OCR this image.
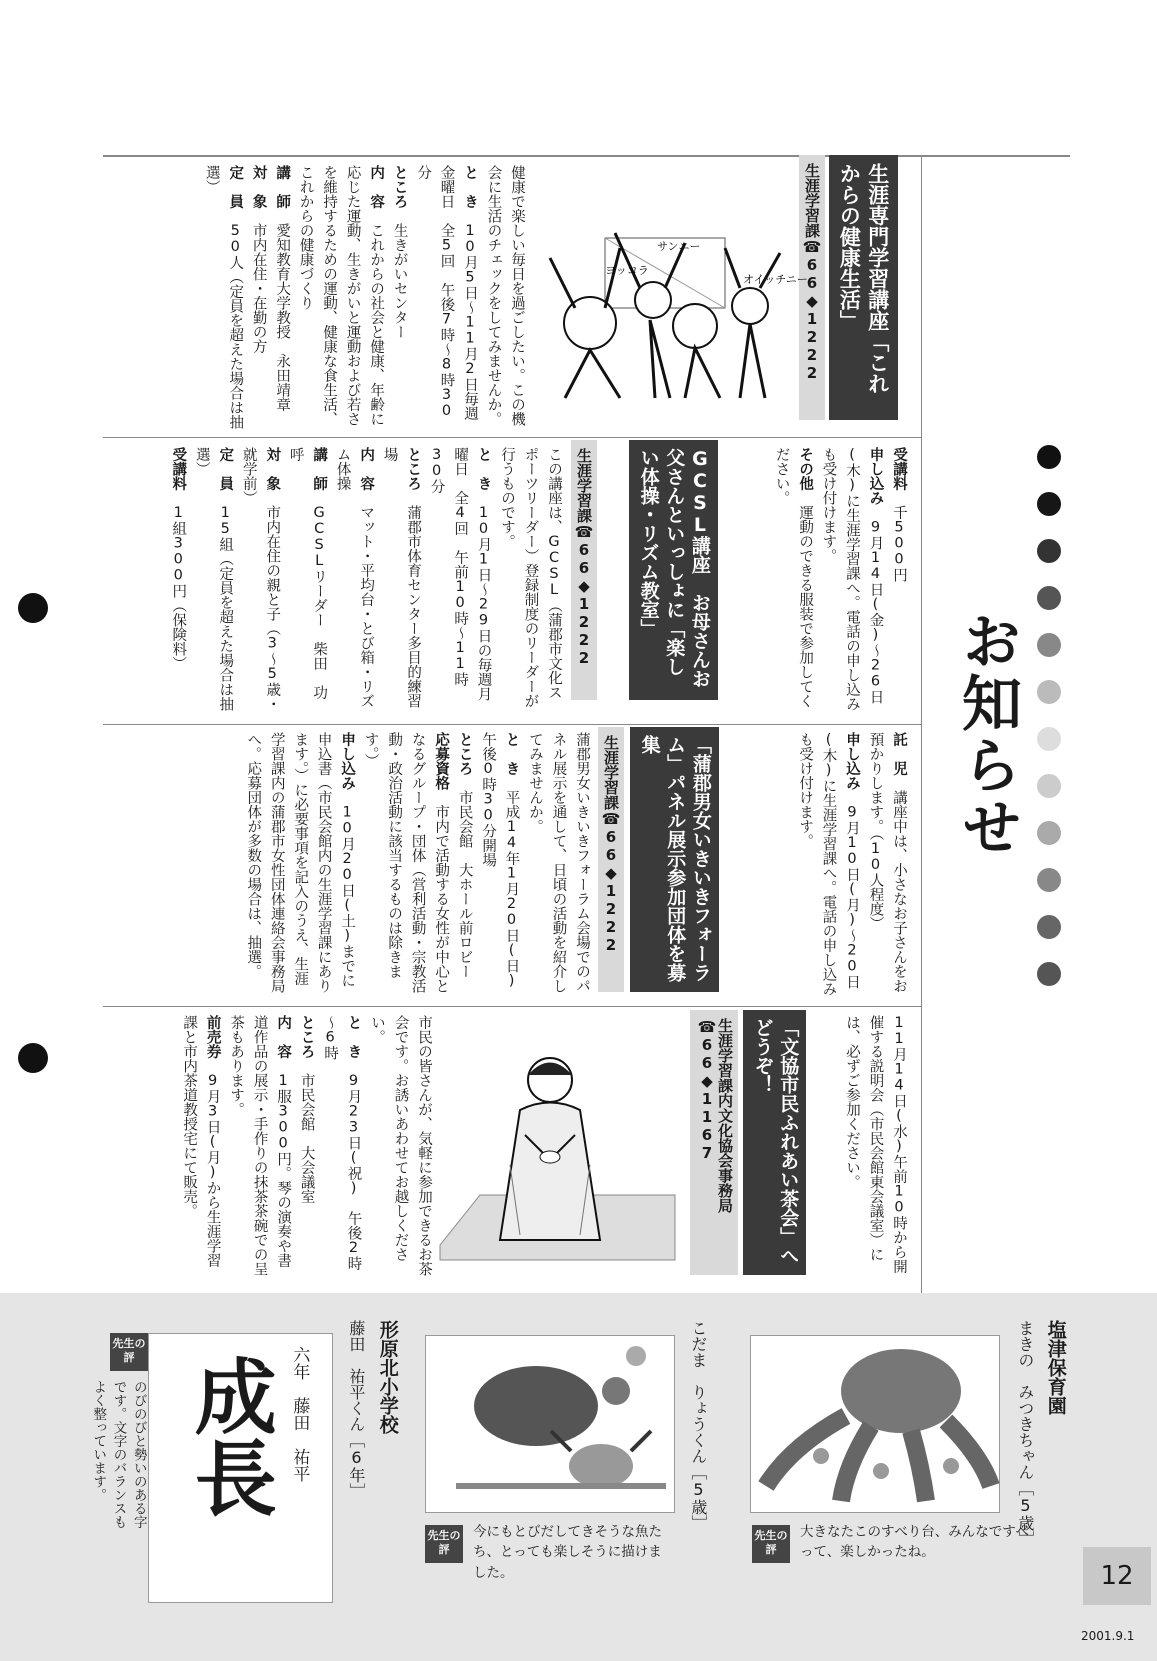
お知らせ
生涯専門学習講座「これからの健康生活」
生涯学習課☎66◆1222
オイッチニー
サンニー
ヨッコラ

健康で楽しい毎日を過ごしたい。この機会に生活のチェックをしてみませんか。

と　き　10月5日～11月2日毎週金曜日　全5回　午後7時～8時30分

ところ　生きがいセンター

内　容　これからの社会と健康、年齢に応じた運動、生きがいと運動および若さを維持するための運動、健康な食生活、これからの健康づくり

講　師　愛知教育大学教授　永田靖章

対　象　市内在住・在勤の方

定　員　50人（定員を超えた場合は抽選）

受講料　千500円

申し込み　9月14日(金)～26日(木)に生涯学習課へ。電話の申し込みも受け付けます。

その他　運動のできる服装で参加してください。

GCSL講座　お母さんお父さんといっしょに「楽しい体操・リズム教室」
生涯学習課☎66◆1222

この講座は、GCSL（蒲郡市文化スポーツリーダー）登録制度のリーダーが行うものです。

と　き　10月1日～29日の毎週月曜日　全4回　午前10時～11時30分

ところ　蒲郡市体育センター多目的練習場

内　容　マット・平均台・とび箱・リズム体操

講　師　GCSLリーダー　柴田　功呼

対　象　市内在住の親と子（3～5歳・就学前）

定　員　15組（定員を超えた場合は抽選）

受講料　1組300円（保険料）

託　児　講座中は、小さなお子さんをお預かりします。（10人程度）

申し込み　9月10日(月)～20日(木)に生涯学習課へ。電話の申し込みも受け付けます。

「蒲郡男女いきいきフォーラム」パネル展示参加団体を募集
生涯学習課☎66◆1222

蒲郡男女いきいきフォーラム会場でのパネル展示を通して、日頃の活動を紹介してみませんか。

と　き　平成14年1月20日(日)午後0時30分開場

ところ　市民会館　大ホール前ロビー

応募資格　市内で活動する女性が中心となるグループ・団体（営利活動・宗教活動・政治活動に該当するものは除きます。）

申し込み　10月20日(土)までに申込書（市民会館内の生涯学習課にあります。）に必要事項を記入のうえ、生涯学習課内の蒲郡市女性団体連絡会事務局へ。応募団体が多数の場合は、抽選。

11月14日(水)午前10時から開催する説明会（市民会館東会議室）には、必ずご参加ください。
「文協市民ふれあい茶会」へどうぞ！
生涯学習課内文化協会事務局☎66◆1167

市民の皆さんが、気軽に参加できるお茶会です。お誘いあわせてお越しください。

と　き　9月23日(祝)　午後2時～6時

ところ　市民会館　大会議室

内　容　1服300円。琴の演奏や書道作品の展示・手作りの抹茶茶碗での呈茶もあります。

前売券　9月3日(月)から生涯学習課と市内茶道教授宅にて販売。

塩津保育園
まきの　みつきちゃん［5歳］
先生の評
大きなたこのすべり台、みんなですべって、楽しかったね。
こだま　りょうくん［5歳］
先生の評
今にもとびだしてきそうな魚たち、とっても楽しそうに描けました。
形原北小学校
藤田　祐平くん［6年］
成長 六年　藤田　祐平
先生の評
のびのびと勢いのある字です。文字のバランスもよく整っています。
12
2001.9.1
